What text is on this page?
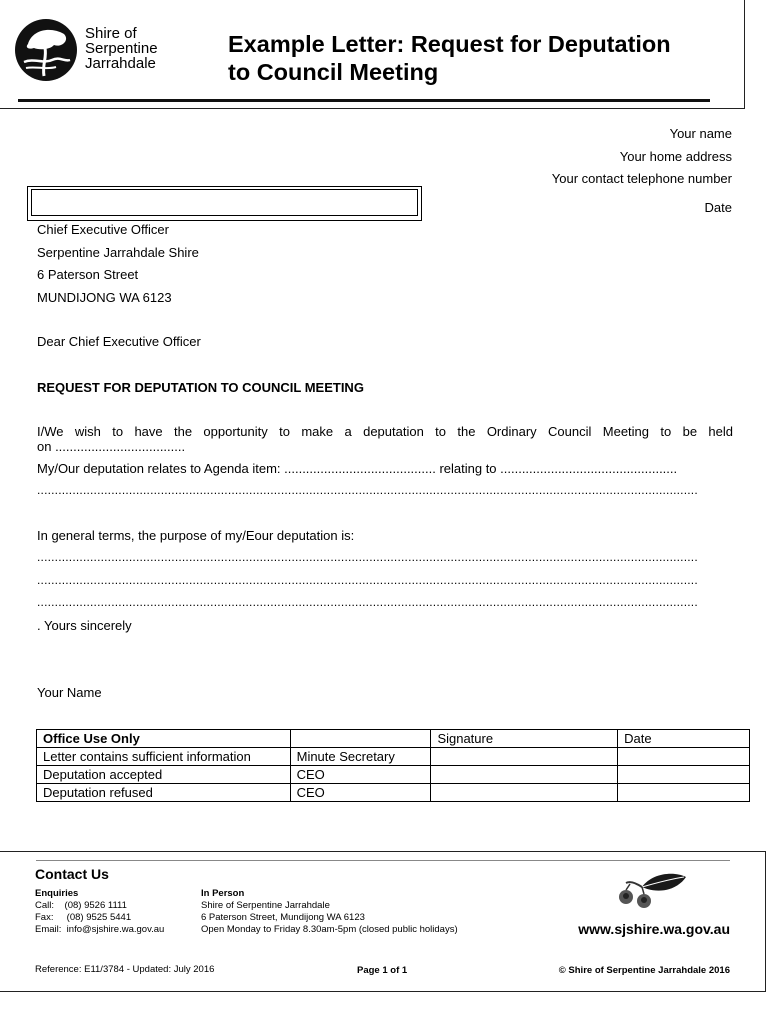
Shire of
Serpentine
Jarrahdale
Example Letter: Request for Deputation
to Council Meeting
Your name
Your home address
Your contact telephone number
Date
Chief Executive Officer
Serpentine Jarrahdale Shire
6 Paterson Street
MUNDIJONG WA 6123
Dear Chief Executive Officer
REQUEST FOR DEPUTATION TO COUNCIL MEETING
I/We wish to have the opportunity to make a deputation to the Ordinary Council Meeting to be held
on ....................................
My/Our deputation relates to Agenda item: .......................................... relating to .................................................
...........................................................................................................................................................................................
In general terms, the purpose of my/Eour deputation is:
...........................................................................................................................................................................................
...........................................................................................................................................................................................
...........................................................................................................................................................................................
. Yours sincerely
Your Name
Office Use Only		Signature	Date
Letter contains sufficient information	Minute Secretary		
Deputation accepted	CEO		
Deputation refused	CEO		
Contact Us
Enquiries
Call:    (08) 9526 1111
Fax:     (08) 9525 5441
Email:  info@sjshire.wa.gov.au
In Person
Shire of Serpentine Jarrahdale
6 Paterson Street, Mundijong WA 6123
Open Monday to Friday 8.30am-5pm (closed public holidays)	www.sjshire.wa.gov.au
Reference: E11/3784 - Updated: July 2016	Page 1 of 1	© Shire of Serpentine Jarrahdale 2016
